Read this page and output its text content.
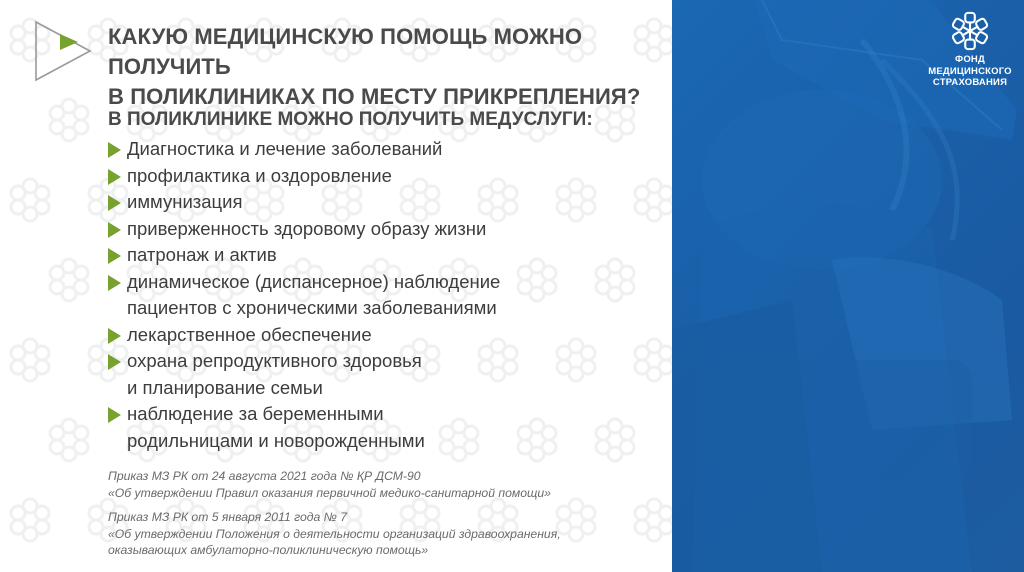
КАКУЮ МЕДИЦИНСКУЮ ПОМОЩЬ МОЖНО ПОЛУЧИТЬ
В ПОЛИКЛИНИКАХ ПО МЕСТУ ПРИКРЕПЛЕНИЯ?
В ПОЛИКЛИНИКЕ МОЖНО ПОЛУЧИТЬ МЕДУСЛУГИ:
Диагностика и лечение заболеваний
профилактика и оздоровление
иммунизация
приверженность здоровому образу жизни
патронаж и актив
динамическое (диспансерное) наблюдение
пациентов с хроническими заболеваниями
лекарственное обеспечение
охрана репродуктивного здоровья
и планирование семьи
наблюдение за беременными
родильницами и новорожденными
Приказ МЗ РК от 24 августа 2021 года № ҚР ДСМ-90
«Об утверждении Правил оказания первичной медико-санитарной помощи»
Приказ МЗ РК от 5 января 2011 года № 7
«Об утверждении Положения о деятельности организаций здравоохранения,
оказывающих амбулаторно-поликлиническую помощь»
ФОНД
МЕДИЦИНСКОГО
СТРАХОВАНИЯ
